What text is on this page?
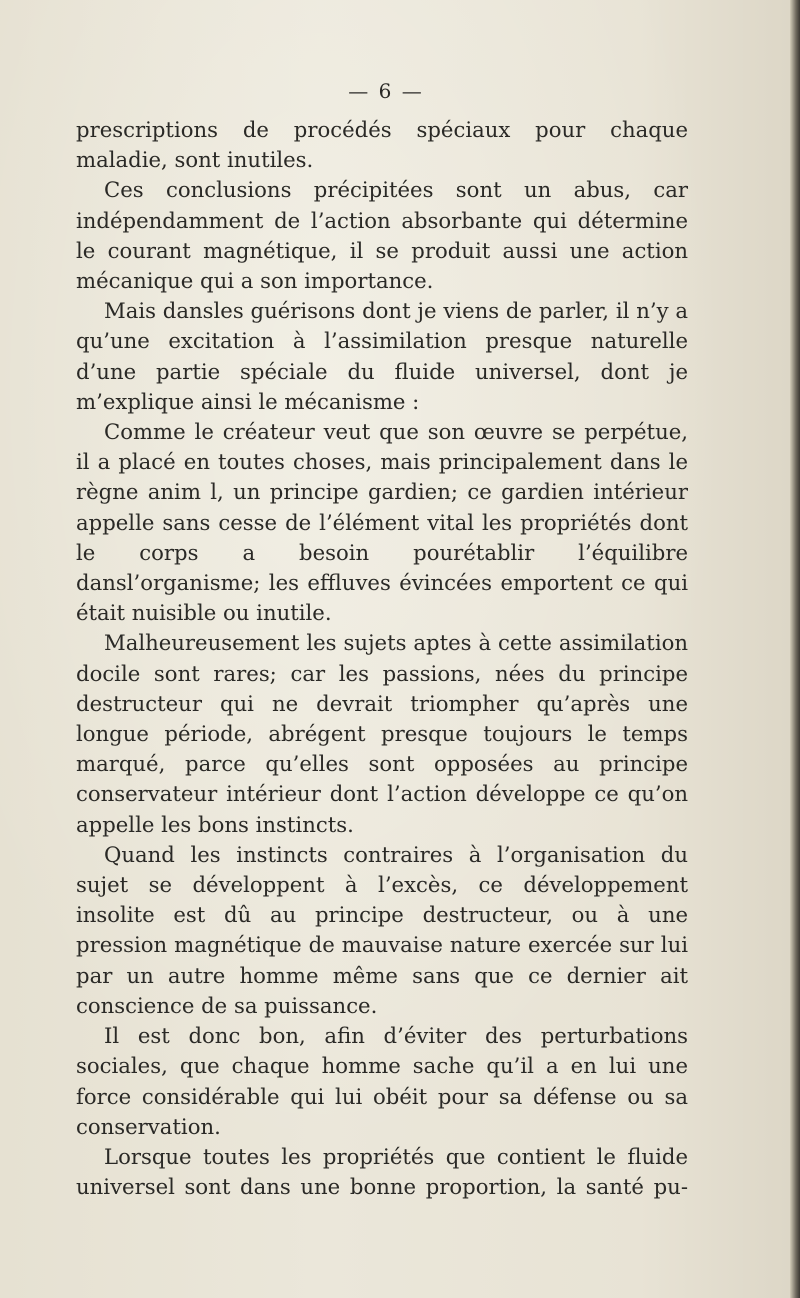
— 6 —

prescriptions de procédés spéciaux pour chaque maladie, sont inutiles.

Ces conclusions précipitées sont un abus, car indépendamment de l’action absorbante qui détermine le courant magnétique, il se produit aussi une action mécanique qui a son importance.

Mais dansles guérisons dont je viens de parler, il n’y a qu’une excitation à l’assimilation presque naturelle d’une partie spéciale du fluide universel, dont je m’explique ainsi le mécanisme :

Comme le créateur veut que son œuvre se perpétue, il a placé en toutes choses, mais principalement dans le règne anim l, un principe gardien; ce gardien intérieur appelle sans cesse de l’élément vital les propriétés dont le corps a besoin pourétablir l’équilibre dansl’organisme; les effluves évincées emportent ce qui était nuisible ou inutile.

Malheureusement les sujets aptes à cette assimilation docile sont rares; car les passions, nées du principe destructeur qui ne devrait triompher qu’après une longue période, abrégent presque toujours le temps marqué, parce qu’elles sont opposées au principe conservateur intérieur dont l’action développe ce qu’on appelle les bons instincts.

Quand les instincts contraires à l’organisation du sujet se développent à l’excès, ce développement insolite est dû au principe destructeur, ou à une pression magnétique de mauvaise nature exercée sur lui par un autre homme même sans que ce dernier ait conscience de sa puissance.

Il est donc bon, afin d’éviter des perturbations sociales, que chaque homme sache qu’il a en lui une force considérable qui lui obéit pour sa défense ou sa conservation.

Lorsque toutes les propriétés que contient le fluide universel sont dans une bonne proportion, la santé pu-
